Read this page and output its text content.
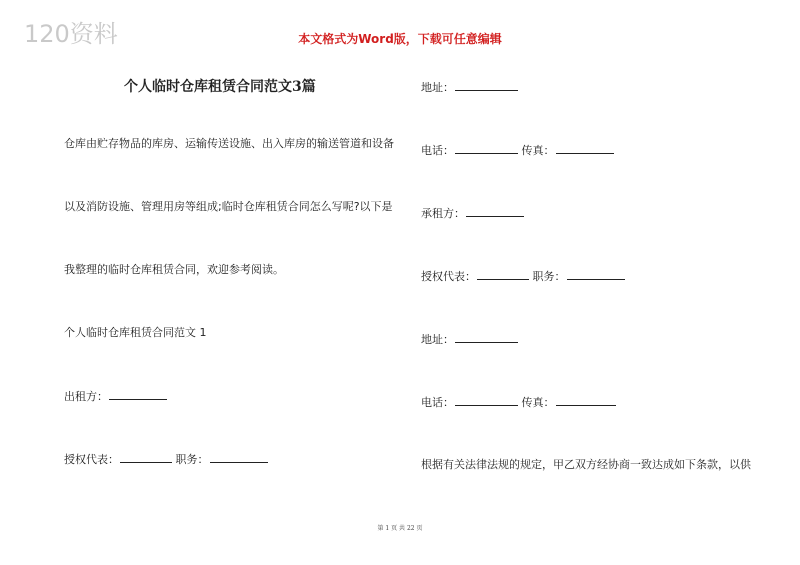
120资料	本文格式为Word版，下载可任意编辑
个人临时仓库租赁合同范文3篇
仓库由贮存物品的库房、运输传送设施、出入库房的输送管道和设备
以及消防设施、管理用房等组成;临时仓库租赁合同怎么写呢?以下是
我整理的临时仓库租赁合同，欢迎参考阅读。
个人临时仓库租赁合同范文 1
出租方：
授权代表：	职务：
地址：
电话：	传真：
承租方：
授权代表：	职务：
地址：
电话：	传真：
根据有关法律法规的规定，甲乙双方经协商一致达成如下条款，以供
第 1 页 共 22 页
